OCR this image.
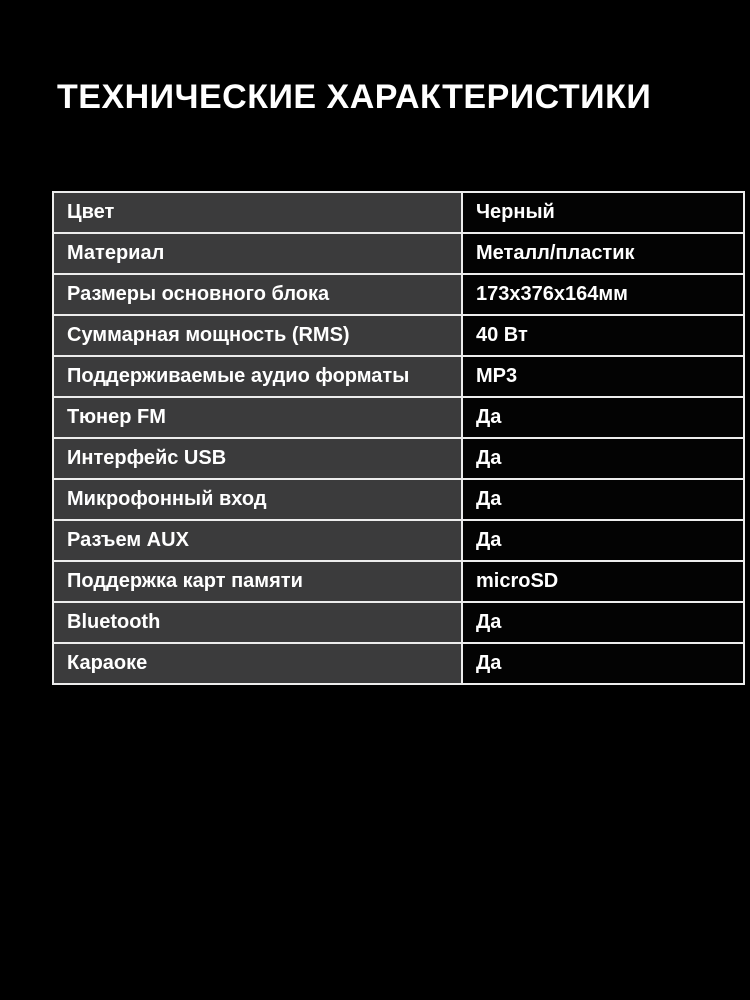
ТЕХНИЧЕСКИЕ ХАРАКТЕРИСТИКИ
Цвет	Черный
Материал	Металл/пластик
Размеры основного блока	173x376x164мм
Суммарная мощность (RMS)	40 Вт
Поддерживаемые аудио форматы	MP3
Тюнер FM	Да
Интерфейс USB	Да
Микрофонный вход	Да
Разъем AUX	Да
Поддержка карт памяти	microSD
Bluetooth	Да
Караоке	Да
